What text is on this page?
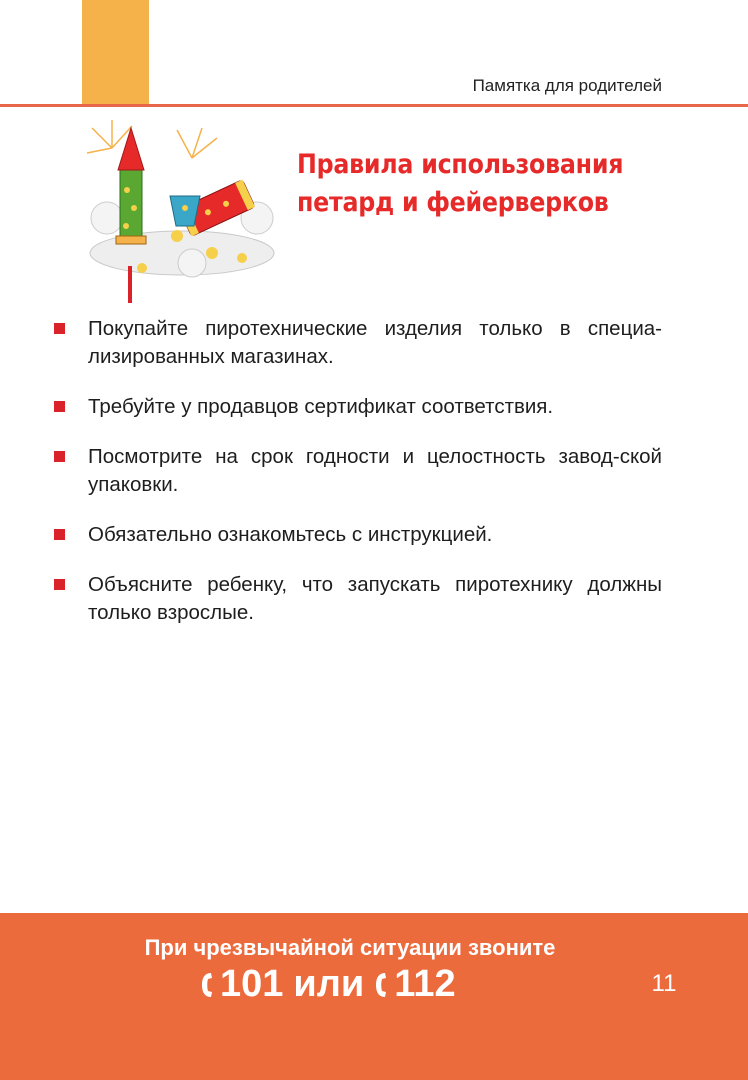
Памятка для родителей
Правила использования
петард и фейерверков
Покупайте пиротехнические изделия только в специа-лизированных магазинах.
Требуйте у продавцов сертификат соответствия.
Посмотрите на срок годности и целостность завод-ской упаковки.
Обязательно ознакомьтесь с инструкцией.
Объясните ребенку, что запускать пиротехнику должны только взрослые.
При чрезвычайной ситуации звоните
101 или 112	11
